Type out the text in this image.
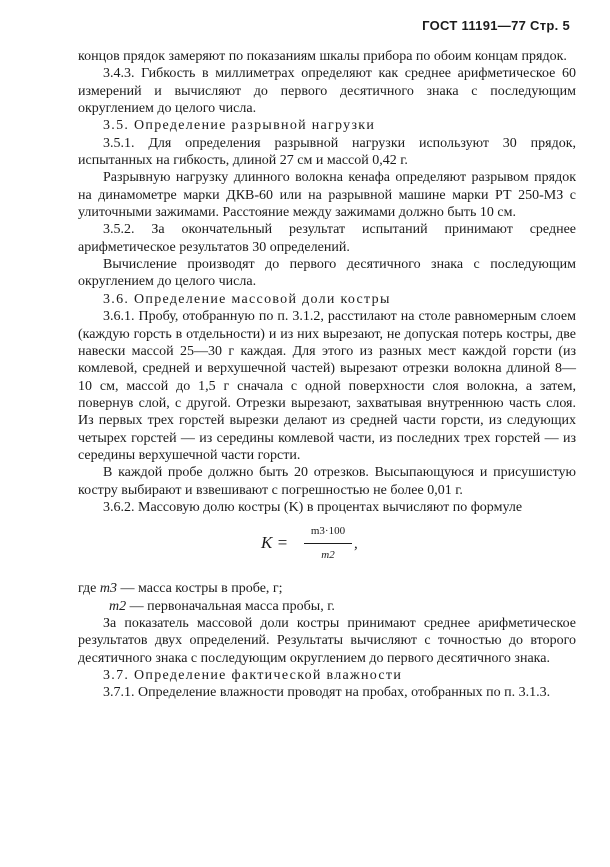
ГОСТ 11191—77 Стр. 5

концов прядок замеряют по показаниям шкалы прибора по обоим концам прядок.

3.4.3. Гибкость в миллиметрах определяют как среднее арифметическое 60 измерений и вычисляют до первого десятичного знака с последующим округлением до целого числа.

3.5. Определение разрывной нагрузки

3.5.1. Для определения разрывной нагрузки используют 30 прядок, испытанных на гибкость, длиной 27 см и массой 0,42 г.

Разрывную нагрузку длинного волокна кенафа определяют разрывом прядок на динамометре марки ДКВ-60 или на разрывной машине марки РТ 250-МЗ с улиточными зажимами. Расстояние между зажимами должно быть 10 см.

3.5.2. За окончательный результат испытаний принимают среднее арифметическое результатов 30 определений.

Вычисление производят до первого десятичного знака с последующим округлением до целого числа.

3.6. Определение массовой доли костры

3.6.1. Пробу, отобранную по п. 3.1.2, расстилают на столе равномерным слоем (каждую горсть в отдельности) и из них вырезают, не допуская потерь костры, две навески массой 25—30 г каждая. Для этого из разных мест каждой горсти (из комлевой, средней и верхушечной частей) вырезают отрезки волокна длиной 8—10 см, массой до 1,5 г сначала с одной поверхности слоя волокна, а затем, повернув слой, с другой. Отрезки вырезают, захватывая внутреннюю часть слоя. Из первых трех горстей вырезки делают из средней части горсти, из следующих четырех горстей — из середины комлевой части, из последних трех горстей — из середины верхушечной части горсти.

В каждой пробе должно быть 20 отрезков. Высыпающуюся и присушистую костру выбирают и взвешивают с погрешностью не более 0,01 г.

3.6.2. Массовую долю костры (K) в процентах вычисляют по формуле

$K = \frac{m3\cdot 100}{m2}$ ,

где m3 — масса костры в пробе, г;

m2 — первоначальная масса пробы, г.

За показатель массовой доли костры принимают среднее арифметическое результатов двух определений. Результаты вычисляют с точностью до второго десятичного знака с последующим округлением до первого десятичного знака.

3.7. Определение фактической влажности

3.7.1. Определение влажности проводят на пробах, отобранных по п. 3.1.3.
